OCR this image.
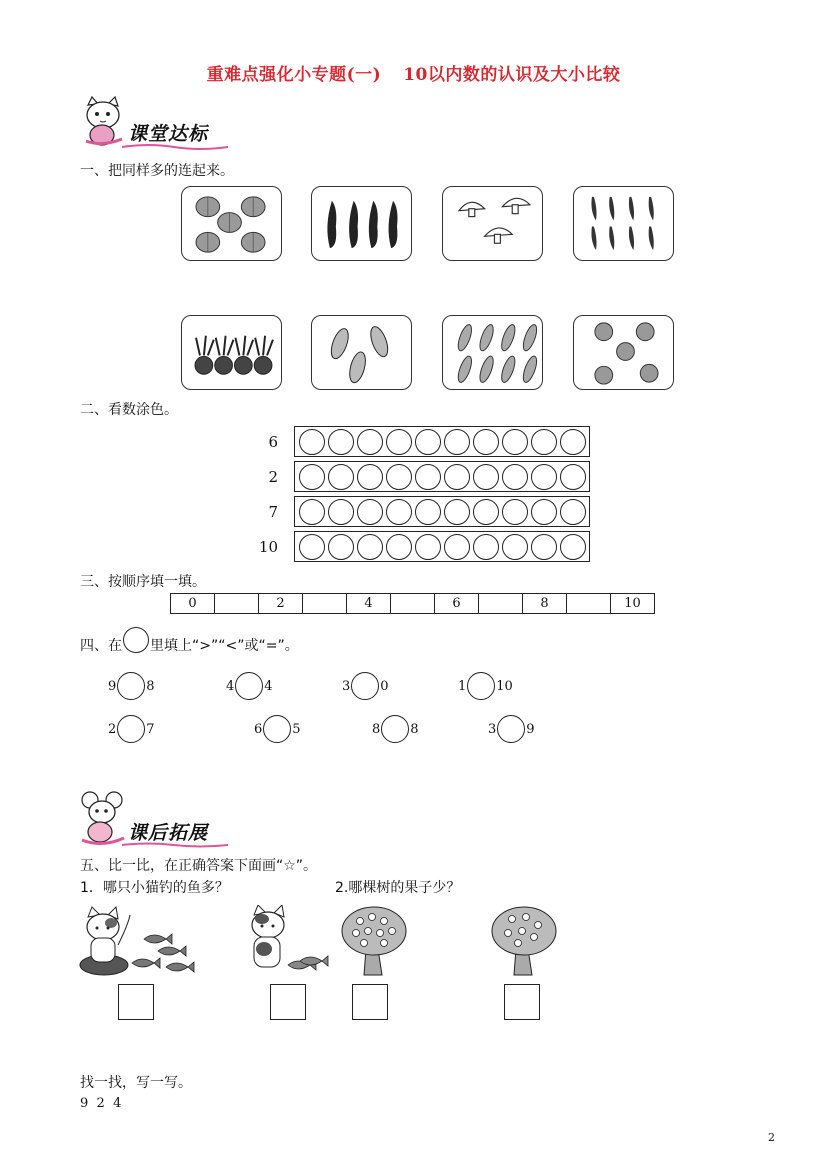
重难点强化小专题(一) 10以内数的认识及大小比较
课堂达标
一、把同样多的连起来。
二、看数涂色。
6
2
7
10
三、按顺序填一填。
0		2		4		6		8		10
四、在 里填上“>”“<”或“=”。
9 8	4 4	3 0	1 10
2 7	6 5	8 8	3 9
课后拓展
五、比一比，在正确答案下面画“☆”。
1．哪只小猫钓的鱼多？	2.哪棵树的果子少？
找一找，写一写。
9  2  4
2
